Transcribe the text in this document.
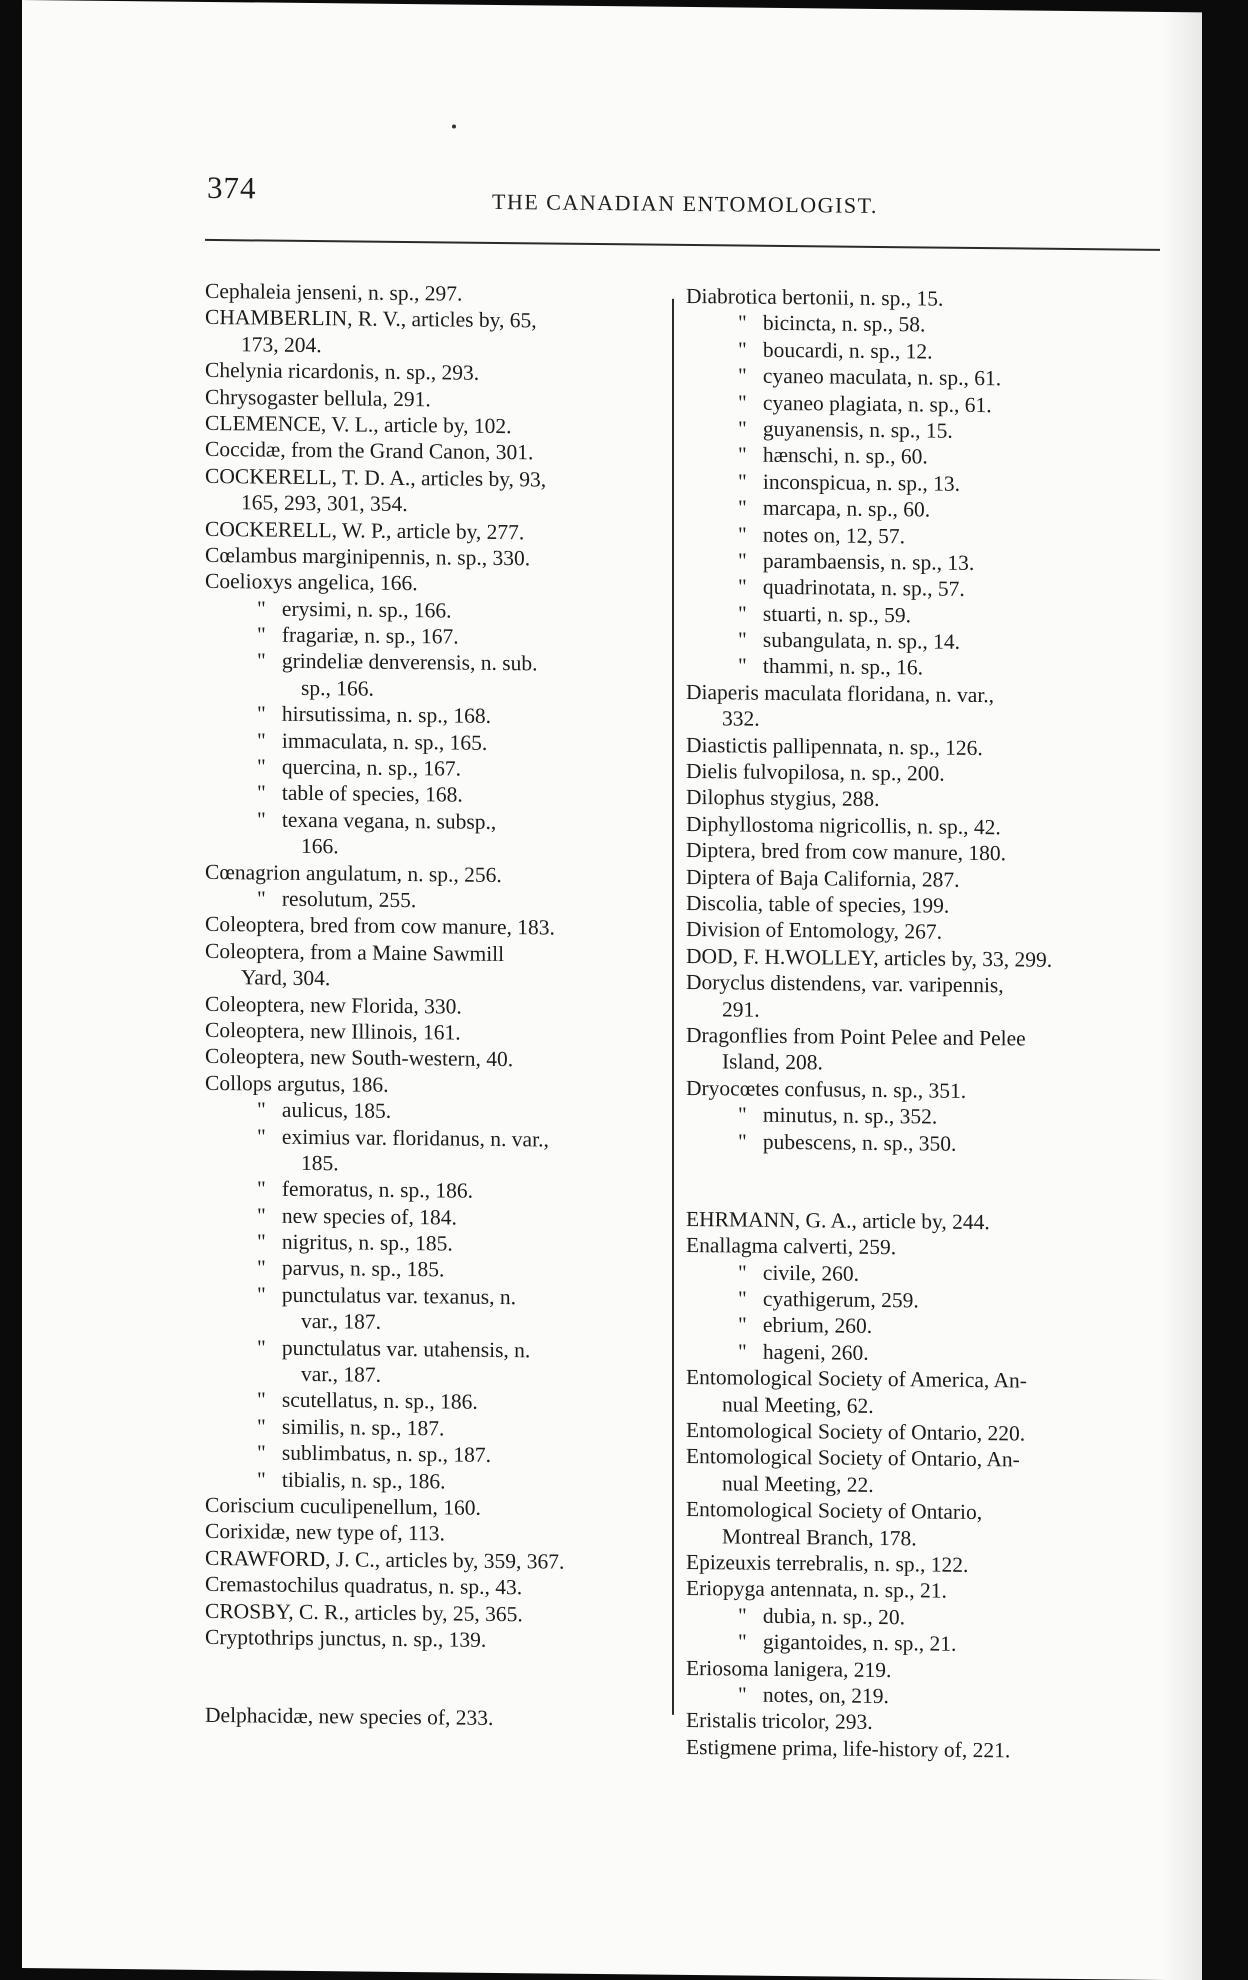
374	THE CANADIAN ENTOMOLOGIST.
Cephaleia jenseni, n. sp., 297.
CHAMBERLIN, R. V., articles by, 65,
173, 204.
Chelynia ricardonis, n. sp., 293.
Chrysogaster bellula, 291.
CLEMENCE, V. L., article by, 102.
Coccidæ, from the Grand Canon, 301.
COCKERELL, T. D. A., articles by, 93,
165, 293, 301, 354.
COCKERELL, W. P., article by, 277.
Cœlambus marginipennis, n. sp., 330.
Coelioxys angelica, 166.
"   erysimi, n. sp., 166.
"   fragariæ, n. sp., 167.
"   grindeliæ denverensis, n. sub.
sp., 166.
"   hirsutissima, n. sp., 168.
"   immaculata, n. sp., 165.
"   quercina, n. sp., 167.
"   table of species, 168.
"   texana vegana, n. subsp.,
166.
Cœnagrion angulatum, n. sp., 256.
"   resolutum, 255.
Coleoptera, bred from cow manure, 183.
Coleoptera, from a Maine Sawmill
Yard, 304.
Coleoptera, new Florida, 330.
Coleoptera, new Illinois, 161.
Coleoptera, new South-western, 40.
Collops argutus, 186.
"   aulicus, 185.
"   eximius var. floridanus, n. var.,
185.
"   femoratus, n. sp., 186.
"   new species of, 184.
"   nigritus, n. sp., 185.
"   parvus, n. sp., 185.
"   punctulatus var. texanus, n.
var., 187.
"   punctulatus var. utahensis, n.
var., 187.
"   scutellatus, n. sp., 186.
"   similis, n. sp., 187.
"   sublimbatus, n. sp., 187.
"   tibialis, n. sp., 186.
Coriscium cuculipenellum, 160.
Corixidæ, new type of, 113.
CRAWFORD, J. C., articles by, 359, 367.
Cremastochilus quadratus, n. sp., 43.
CROSBY, C. R., articles by, 25, 365.
Cryptothrips junctus, n. sp., 139.
Delphacidæ, new species of, 233.
Diabrotica bertonii, n. sp., 15.
"   bicincta, n. sp., 58.
"   boucardi, n. sp., 12.
"   cyaneo maculata, n. sp., 61.
"   cyaneo plagiata, n. sp., 61.
"   guyanensis, n. sp., 15.
"   hænschi, n. sp., 60.
"   inconspicua, n. sp., 13.
"   marcapa, n. sp., 60.
"   notes on, 12, 57.
"   parambaensis, n. sp., 13.
"   quadrinotata, n. sp., 57.
"   stuarti, n. sp., 59.
"   subangulata, n. sp., 14.
"   thammi, n. sp., 16.
Diaperis maculata floridana, n. var.,
332.
Diastictis pallipennata, n. sp., 126.
Dielis fulvopilosa, n. sp., 200.
Dilophus stygius, 288.
Diphyllostoma nigricollis, n. sp., 42.
Diptera, bred from cow manure, 180.
Diptera of Baja California, 287.
Discolia, table of species, 199.
Division of Entomology, 267.
DOD, F. H.WOLLEY, articles by, 33, 299.
Doryclus distendens, var. varipennis,
291.
Dragonflies from Point Pelee and Pelee
Island, 208.
Dryocœtes confusus, n. sp., 351.
"   minutus, n. sp., 352.
"   pubescens, n. sp., 350.
EHRMANN, G. A., article by, 244.
Enallagma calverti, 259.
"   civile, 260.
"   cyathigerum, 259.
"   ebrium, 260.
"   hageni, 260.
Entomological Society of America, An-
nual Meeting, 62.
Entomological Society of Ontario, 220.
Entomological Society of Ontario, An-
nual Meeting, 22.
Entomological Society of Ontario,
Montreal Branch, 178.
Epizeuxis terrebralis, n. sp., 122.
Eriopyga antennata, n. sp., 21.
"   dubia, n. sp., 20.
"   gigantoides, n. sp., 21.
Eriosoma lanigera, 219.
"   notes, on, 219.
Eristalis tricolor, 293.
Estigmene prima, life-history of, 221.
